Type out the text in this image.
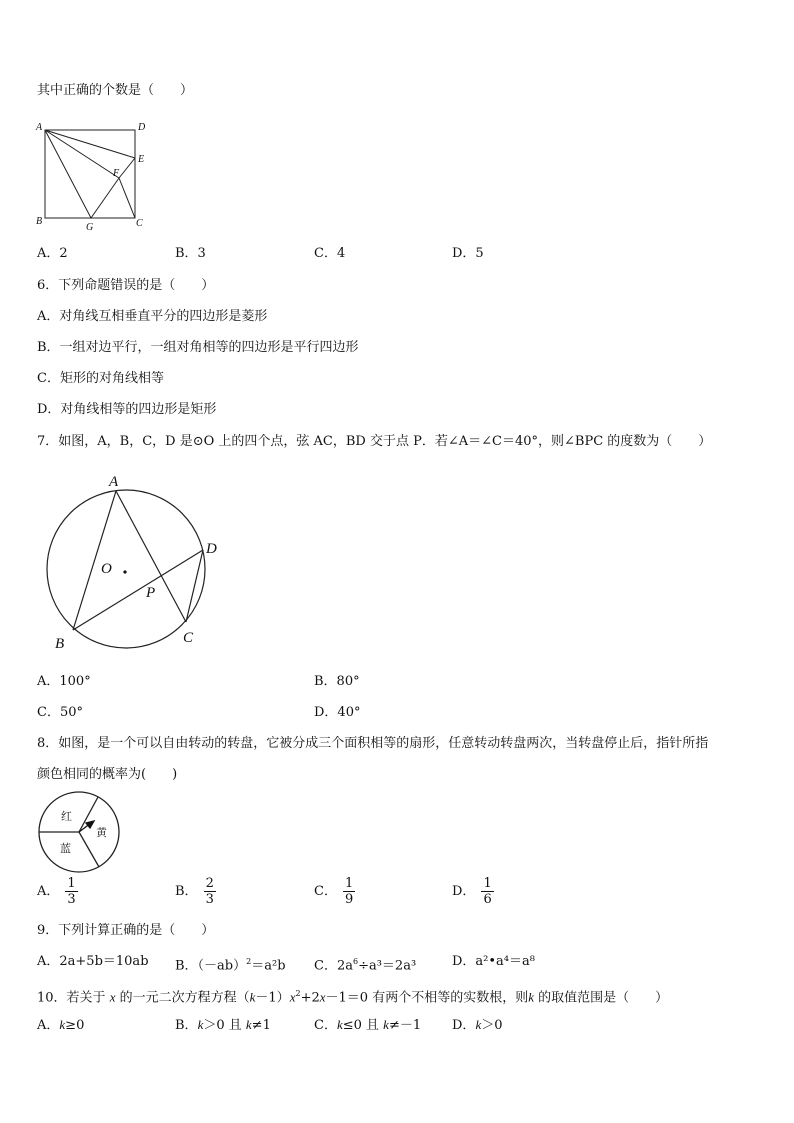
其中正确的个数是（　　）
A	D
E
F
B
G	C
A．2	B．3	C．4	D．5
6．下列命题错误的是（　　）
A．对角线互相垂直平分的四边形是菱形
B．一组对边平行，一组对角相等的四边形是平行四边形
C．矩形的对角线相等
D．对角线相等的四边形是矩形
7．如图，A，B，C，D 是⊙O 上的四个点，弦 AC，BD 交于点 P．若∠A＝∠C＝40°，则∠BPC 的度数为（　　）
A
B	C
D
O
P
A．100°	B．80°
C．50°	D．40°
8．如图，是一个可以自由转动的转盘，它被分成三个面积相等的扇形，任意转动转盘两次，当转盘停止后，指针所指
颜色相同的概率为(　　)
红
黄
蓝
A． $\frac{1}{3}$	B． $\frac{2}{3}$	C． $\frac{1}{9}$	D． $\frac{1}{6}$
9．下列计算正确的是（　　）
A．2a+5b＝10ab B．$(-ab)^2=a^2b$ C．$2a^6\div a^3=2a^3$	D．a²•a⁴＝a⁸
10．若关于 x 的一元二次方程方程$(k-1)x^2+2x-1=0$ 有两个不相等的实数根，则k 的取值范围是（　　）
A．k≥0	B．k＞0 且 k≠1	C．k≤0 且 k≠－1 D．k＞0
